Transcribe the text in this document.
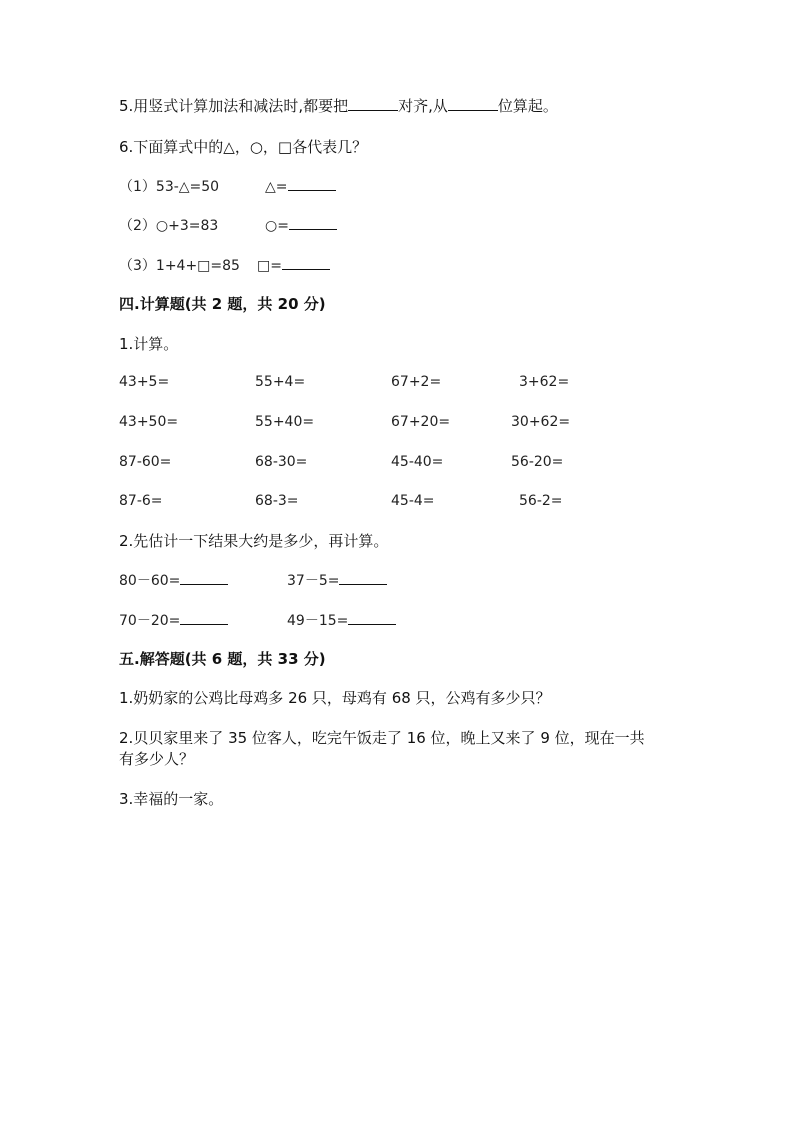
5.用竖式计算加法和减法时,都要把	对齐,从	位算起。
6.下面算式中的△，○，□各代表几？
（1）53-△=50	△=
（2）○+3=83	○=
（3）1+4+□=85 □=
四.计算题(共 2 题，共 20 分)
1.计算。
43+5=	55+4=	67+2=	3+62=
43+50=	55+40=	67+20=	30+62=
87-60=	68-30=	45-40=	56-20=
87-6=	68-3=	45-4=	56-2=
2.先估计一下结果大约是多少，再计算。
80－60=	37－5=
70－20=	49－15=
五.解答题(共 6 题，共 33 分)
1.奶奶家的公鸡比母鸡多 26 只，母鸡有 68 只，公鸡有多少只？
2.贝贝家里来了 35 位客人，吃完午饭走了 16 位，晚上又来了 9 位，现在一共
有多少人？
3.幸福的一家。
